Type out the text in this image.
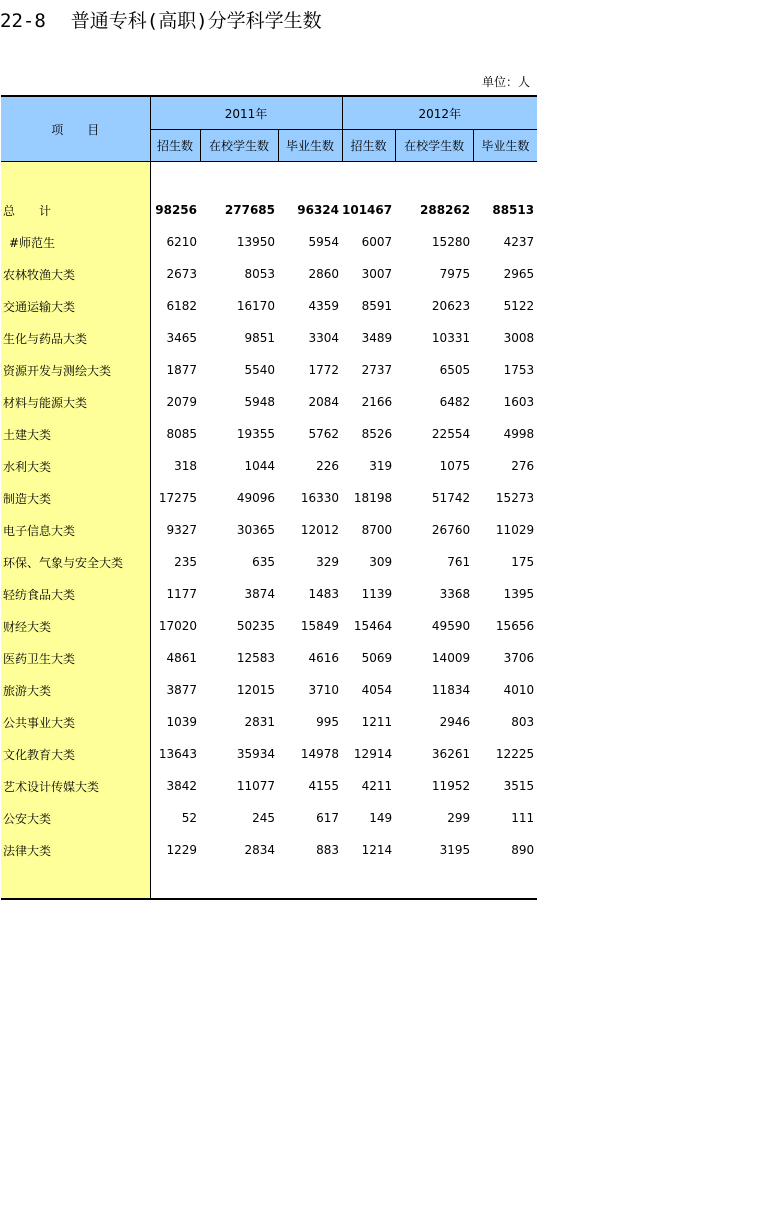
22-8 普通专科(高职)分学科学生数
单位：人
项　　目	2011年			2012年		
	招生数	在校学生数	毕业生数	招生数	在校学生数	毕业生数

总　　计	98256	277685	96324	101467	288262	88513
#师范生	6210	13950	5954	6007	15280	4237
农林牧渔大类	2673	8053	2860	3007	7975	2965
交通运输大类	6182	16170	4359	8591	20623	5122
生化与药品大类	3465	9851	3304	3489	10331	3008
资源开发与测绘大类	1877	5540	1772	2737	6505	1753
材料与能源大类	2079	5948	2084	2166	6482	1603
土建大类	8085	19355	5762	8526	22554	4998
水利大类	318	1044	226	319	1075	276
制造大类	17275	49096	16330	18198	51742	15273
电子信息大类	9327	30365	12012	8700	26760	11029
环保、气象与安全大类	235	635	329	309	761	175
轻纺食品大类	1177	3874	1483	1139	3368	1395
财经大类	17020	50235	15849	15464	49590	15656
医药卫生大类	4861	12583	4616	5069	14009	3706
旅游大类	3877	12015	3710	4054	11834	4010
公共事业大类	1039	2831	995	1211	2946	803
文化教育大类	13643	35934	14978	12914	36261	12225
艺术设计传媒大类	3842	11077	4155	4211	11952	3515
公安大类	52	245	617	149	299	111
法律大类	1229	2834	883	1214	3195	890
